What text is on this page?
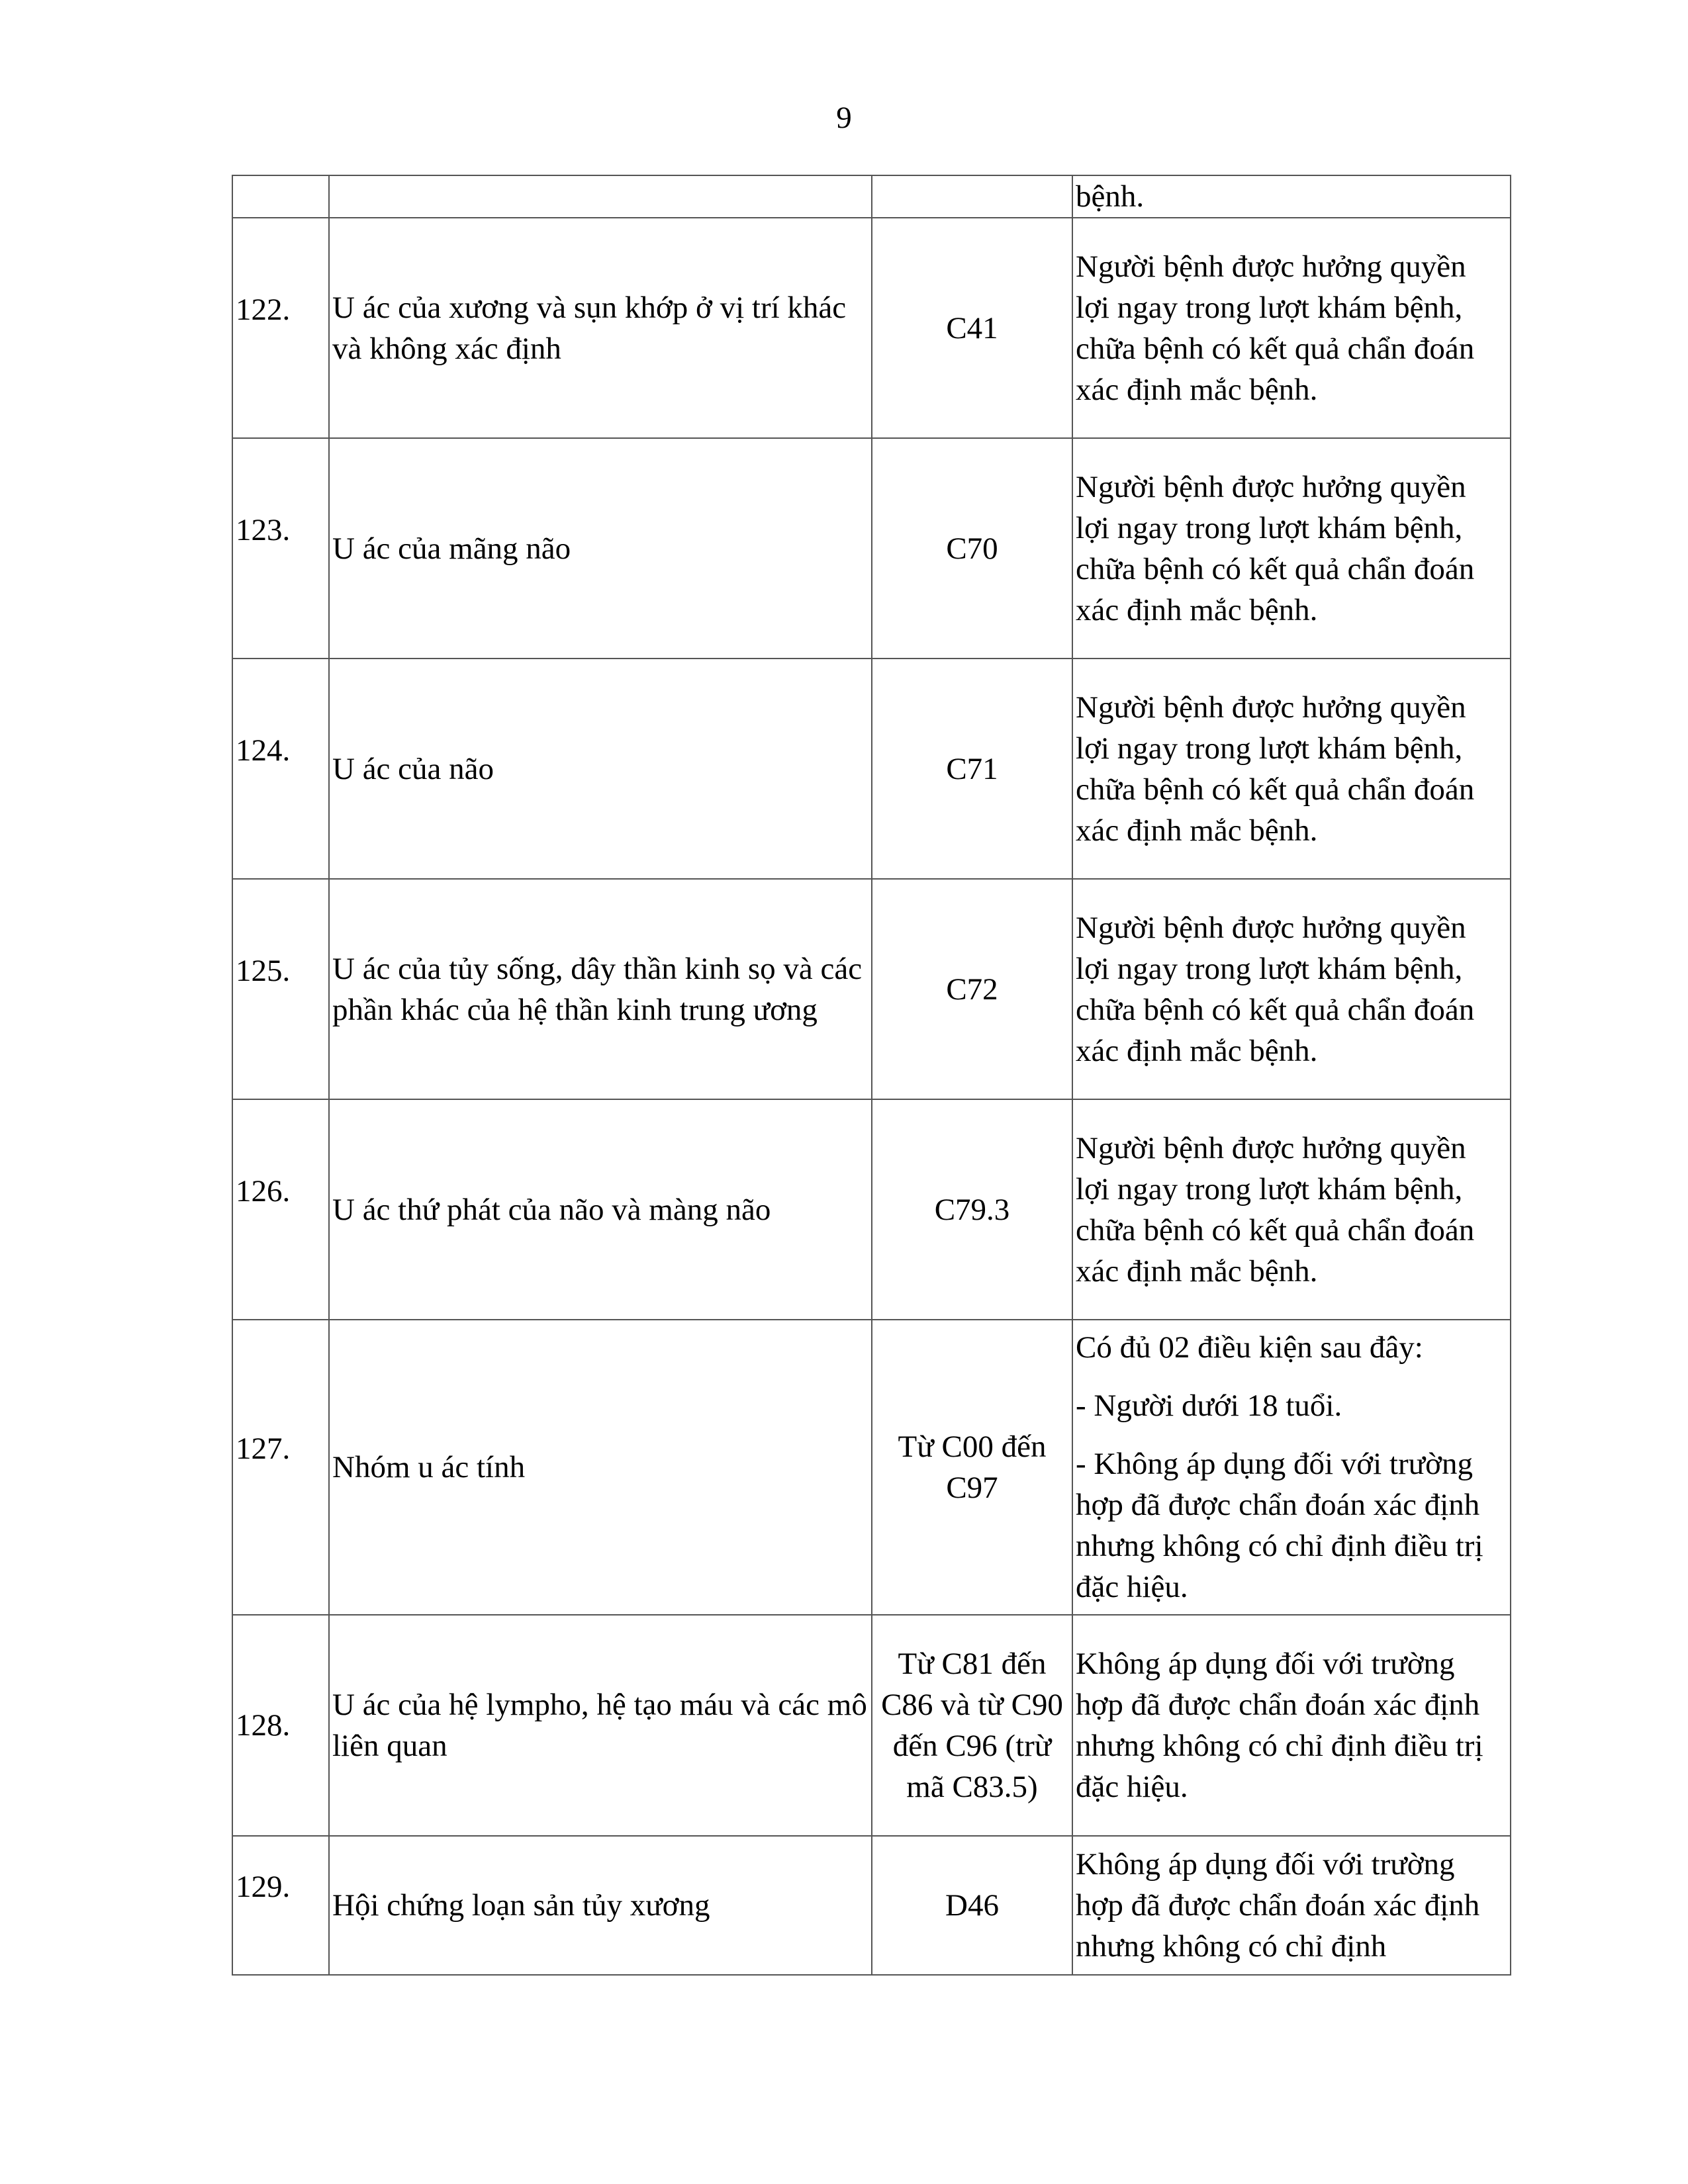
9
			bệnh.

122.	U ác của xương và sụn khớp ở vị trí khác và không xác định	C41	Người bệnh được hưởng quyền lợi ngay trong lượt khám bệnh, chữa bệnh có kết quả chẩn đoán xác định mắc bệnh.

123.	U ác của mãng não	C70	Người bệnh được hưởng quyền lợi ngay trong lượt khám bệnh, chữa bệnh có kết quả chẩn đoán xác định mắc bệnh.

124.	U ác của não	C71	Người bệnh được hưởng quyền lợi ngay trong lượt khám bệnh, chữa bệnh có kết quả chẩn đoán xác định mắc bệnh.

125.	U ác của tủy sống, dây thần kinh sọ và các phần khác của hệ thần kinh trung ương	C72	Người bệnh được hưởng quyền lợi ngay trong lượt khám bệnh, chữa bệnh có kết quả chẩn đoán xác định mắc bệnh.

126.	U ác thứ phát của não và màng não	C79.3	Người bệnh được hưởng quyền lợi ngay trong lượt khám bệnh, chữa bệnh có kết quả chẩn đoán xác định mắc bệnh.

127.	Nhóm u ác tính	Từ C00 đến C97	Có đủ 02 điều kiện sau đây:

- Người dưới 18 tuổi.

- Không áp dụng đối với trường hợp đã được chẩn đoán xác định nhưng không có chỉ định điều trị đặc hiệu.

128.	U ác của hệ lympho, hệ tạo máu và các mô liên quan	Từ C81 đến C86 và từ C90 đến C96 (trừ mã C83.5)	Không áp dụng đối với trường hợp đã được chẩn đoán xác định nhưng không có chỉ định điều trị đặc hiệu.

129.	Hội chứng loạn sản tủy xương	D46	Không áp dụng đối với trường hợp đã được chẩn đoán xác định nhưng không có chỉ định
